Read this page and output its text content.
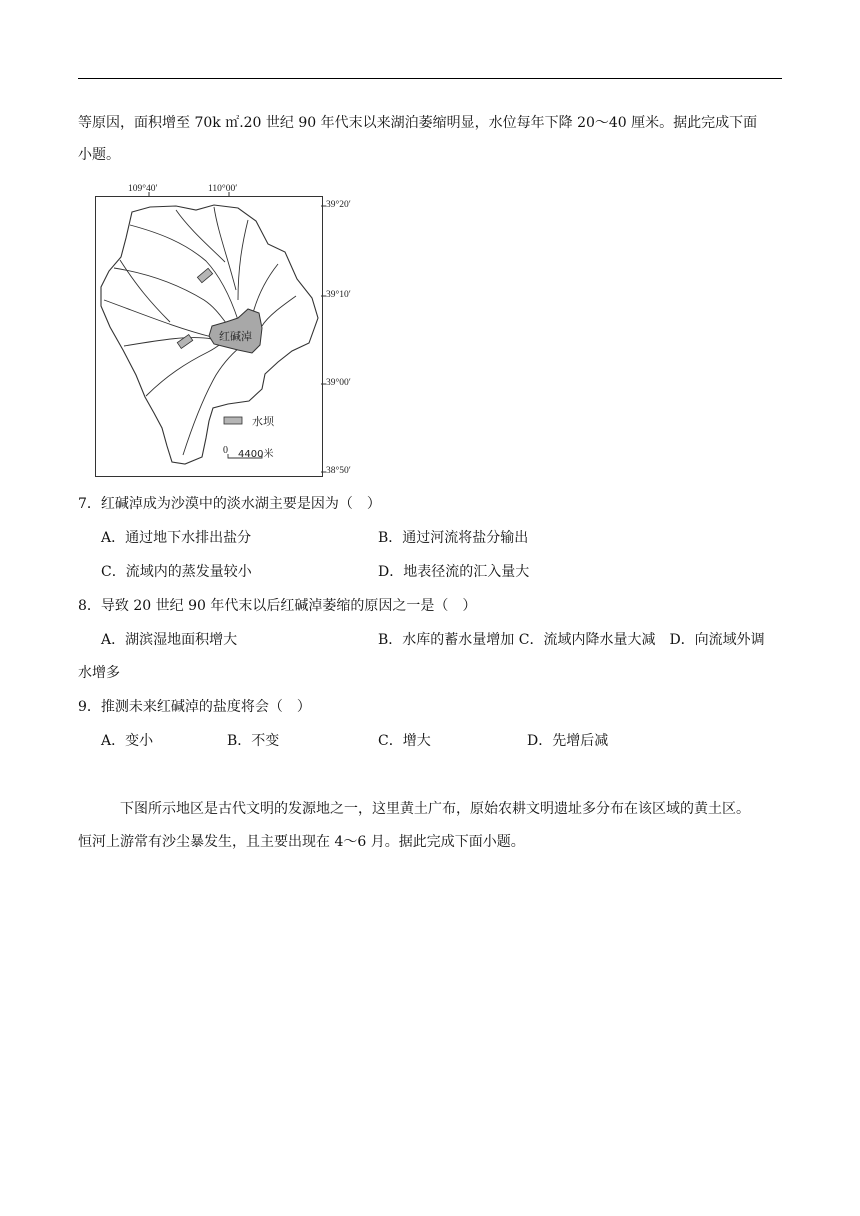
等原因，面积增至 70k ㎡.20 世纪 90 年代末以来湖泊萎缩明显，水位每年下降 20～40 厘米。据此完成下面
小题。
109°40′	110°00′
39°20′
39°10′
39°00′
38°50′
红碱淖
水坝
0 4400米
7．红碱淖成为沙漠中的淡水湖主要是因为（　）
A．通过地下水排出盐分	B．通过河流将盐分输出
C．流域内的蒸发量较小	D．地表径流的汇入量大
8．导致 20 世纪 90 年代末以后红碱淖萎缩的原因之一是（　）
A．湖滨湿地面积增大	B．水库的蓄水量增加 C．流域内降水量大减　D．向流域外调
水增多
9．推测未来红碱淖的盐度将会（　）
A．变小	B．不变	C．增大	D．先增后减
下图所示地区是古代文明的发源地之一，这里黄土广布，原始农耕文明遗址多分布在该区域的黄土区。
恒河上游常有沙尘暴发生，且主要出现在 4～6 月。据此完成下面小题。
